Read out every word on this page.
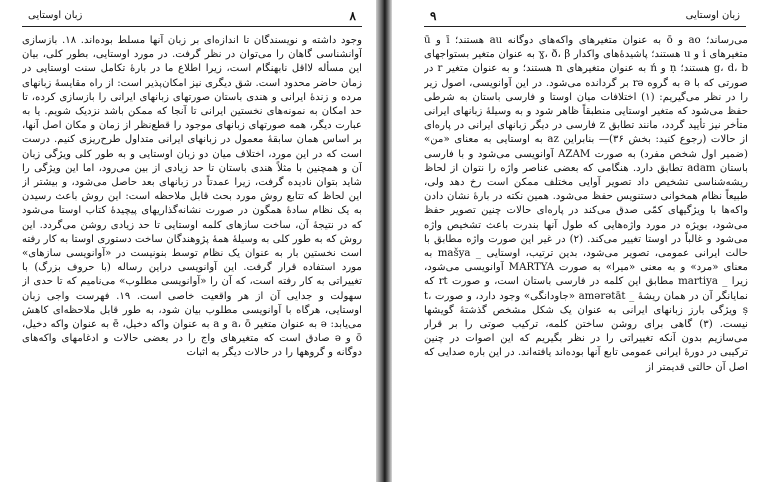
۸
زبان اوستایی

وجود داشته و نویسندگان تا اندازه‌ای بر زبان آنها مسلط بوده‌اند. ۱۸. بازسازی آوانشناسی گاهان را می‌توان در نظر گرفت. در مورد اوستایی، بطور کلی، بیان این مسأله لااقل نابهنگام است، زیرا اطلاع ما در بارهٔ تکامل سنت اوستایی در زمان حاضر محدود است. شق دیگری نیز امکان‌پذیر است: از راه مقایسهٔ زبانهای مرده و زندهٔ ایرانی و هندی باستان صورتهای زبانهای ایرانی را بازسازی کرده، تا حد امکان به نمونه‌های نخستین ایرانی تا آنجا که ممکن باشد نزدیک شویم. یا به عبارت دیگر، همه صورتهای زبانهای موجود را قطع‌نظر از زمان و مکان اصل آنها، بر اساس همان سابقهٔ معمول در زبانهای ایرانی متداول طرح‌ریزی کنیم. درست است که در این مورد، اختلاف میان دو زبان اوستایی و به طور کلی ویژگی زبان آن و همچنین با مثلاً هندی باستان تا حد زیادی از بین می‌رود، اما این ویژگی را شاید بتوان نادیده گرفت، زیرا عمدتاً در زبانهای بعد حاصل می‌شود، و بیشتر از این لحاظ که تتابع روش مورد بحث قابل ملاحظه است: این روش باعث رسیدن به یک نظام سادهٔ همگون در صورت نشانه‌گذاریهای پیچیدهٔ کتاب اوستا می‌شود که در نتیجهٔ آن، ساخت سازهای کلمه اوستایی تا حد زیادی روشن می‌گردد. این روش که به طور کلی به وسیلهٔ همهٔ پژوهندگان ساخت دستوری اوستا به کار رفته است نخستین بار به عنوان یک نظام توسط بنونیست در «آوانویسی سازهای» مورد استفاده قرار گرفت. این آوانویسی دراین رساله (با حروف بزرگ) با تغییراتی به کار رفته است، که آن را «آوانویسی مطلوب» می‌نامیم که تا حدی از سهولت و جدایی آن از هر واقعیت خاصی است. ۱۹. فهرست واجی زبان اوستایی، هرگاه با آوانویسی مطلوب بیان شود، به طور قابل ملاحظه‌ای کاهش می‌یابد: ə به عنوان متغیر a، ō و a به عنوان واکه دخیل، ē به عنوان واکه دخیل، ō و ə صادق است که متغیرهای واج را در بعضی حالات و ادغامهای واکه‌های دوگانه و گروهها را در حالات دیگر به اثبات

۹	زبان اوستایی

می‌رساند؛ ao و ō به عنوان متغیرهای واکه‌های دوگانه au هستند؛ ī و ū متغیرهای i و u هستند؛ پاشیدهٔ‌های واکدار ɣ، ð، β به عنوان متغیر بستواجهای g، d، b هستند؛ ṇ و ń به عنوان متغیرهای n هستند؛ و به عنوان متغیر r در صورتی که با ǝ به گروه rǝ بر گردانده می‌شود. در این آوانویسی، اصول زیر را در نظر می‌گیریم: (۱) اختلافات میان اوستا و فارسی باستان به شرطی حفظ می‌شود که متغیر اوستایی منطبقاً ظاهر شود و به وسیلهٔ زبانهای ایرانی متأخر نیز تأیید گردد، مانند تطابق z فارسی در دیگر زبانهای ایرانی در پاره‌ای از حالات (رجوع کنید: بخش ۳۶)— بنابراین az به اوستایی به معنای «من» (ضمیر اول شخص مفرد) به صورت AZAM آوانویسی می‌شود و با فارسی باستان adam تطابق دارد. هنگامی که بعضی عناصر واژه را نتوان از لحاظ ریشه‌شناسی تشخیص داد تصویر آوایی مختلف ممکن است رخ دهد ولی، طبیعاً نظام همخوانی دستنویس حفظ می‌شود. همین نکته در بارهٔ نشان دادن واکه‌ها با ویژگیهای کمّی صدق می‌کند در پاره‌ای حالات چنین تصویر حفظ می‌شود، بویژه در مورد واژه‌هایی که طول آنها بندرت باعث تشخیص واژه می‌شود و غالباً در اوستا تغییر می‌کند. (۲) در غیر این صورت واژه مطابق با حالت ایرانی عمومی، تصویر می‌شود، بدین ترتیب، اوستایی _ mašya به معنای «مرد» و به معنی «میرا» به صورت MARTYA آوانویسی می‌شود، زیرا _ martiya مطابق این کلمه در فارسی باستان است، و صورت rt که نمایانگر آن در همان ریشهٔ _ amərətāt «جاودانگی» وجود دارد، و صورت t، ṣ ویژگی بارز زبانهای ایرانی به عنوان یک شکل مشخص گذشتهٔ گویشها نیست. (۳) گاهی برای روشن ساختن کلمه، ترکیب صوتی را بر قرار می‌سازیم بدون آنکه تغییراتی را در نظر بگیریم که این اصوات در چنین ترکیبی در دورهٔ ایرانی عمومی تابع آنها بوده‌اند یافته‌اند. در این باره صدایی که اصل آن حالتی قدیمتر از
